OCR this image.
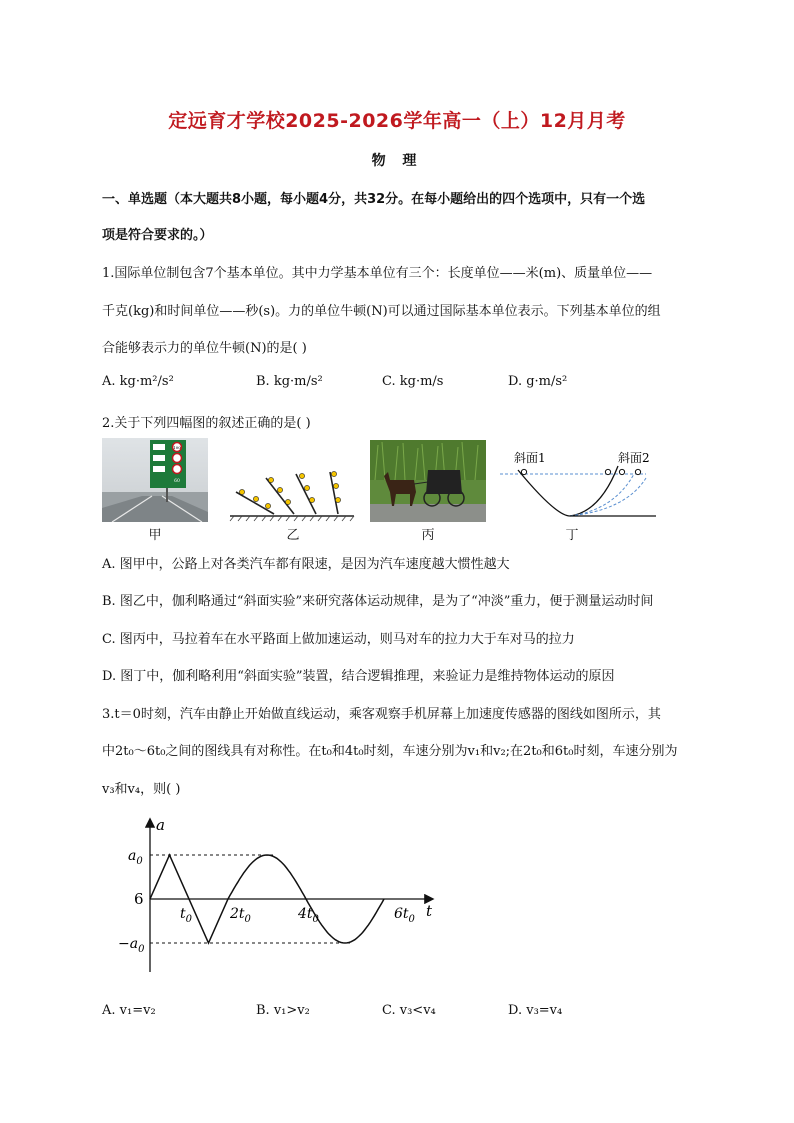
定远育才学校2025-2026学年高一（上）12月月考
物 理
一、单选题（本大题共8小题，每小题4分，共32分。在每小题给出的四个选项中，只有一个选
项是符合要求的。）
1.国际单位制包含7个基本单位。其中力学基本单位有三个：长度单位——米(m)、质量单位——
千克(kg)和时间单位——秒(s)。力的单位牛顿(N)可以通过国际基本单位表示。下列基本单位的组
合能够表示力的单位牛顿(N)的是( )
A. kg·m²/s²	B. kg·m/s²	C. kg·m/s	D. g·m/s²
2.关于下列四幅图的叙述正确的是( )
100
60
甲	乙	丙
斜面1	斜面2
丁
A. 图甲中，公路上对各类汽车都有限速，是因为汽车速度越大惯性越大
B. 图乙中，伽利略通过“斜面实验”来研究落体运动规律，是为了“冲淡”重力，便于测量运动时间
C. 图丙中，马拉着车在水平路面上做加速运动，则马对车的拉力大于车对马的拉力
D. 图丁中，伽利略利用“斜面实验”装置，结合逻辑推理，来验证力是维持物体运动的原因
3.t＝0时刻，汽车由静止开始做直线运动，乘客观察手机屏幕上加速度传感器的图线如图所示，其
中2t₀～6t₀之间的图线具有对称性。在t₀和4t₀时刻，车速分别为v₁和v₂;在2t₀和6t₀时刻，车速分别为
v₃和v₄，则( )
a
t
$a_0$
6
$-a_0$
$t_0$	$2t_0$	$4t_0$	$6t_0$
A. v₁=v₂	B. v₁>v₂	C. v₃<v₄	D. v₃=v₄
